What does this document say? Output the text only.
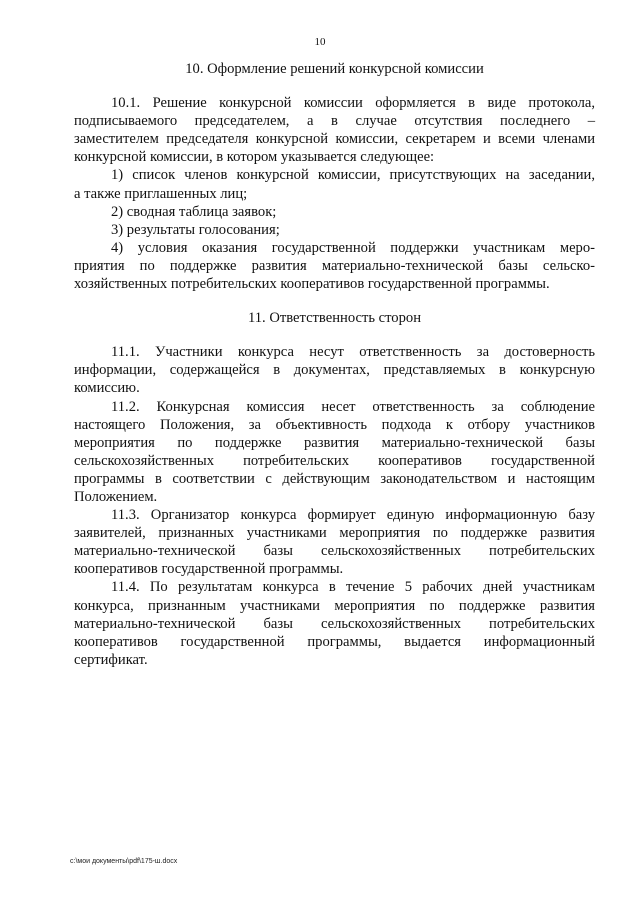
10

10. Оформление решений конкурсной комиссии

10.1. Решение конкурсной комиссии оформляется в виде протокола,
подписываемого председателем, а в случае отсутствия последнего –
заместителем председателя конкурсной комиссии, секретарем и всеми членами
конкурсной комиссии, в котором указывается следующее:
1) список членов конкурсной комиссии, присутствующих на заседании,
а также приглашенных лиц;
2) сводная таблица заявок;
3) результаты голосования;
4) условия оказания государственной поддержки участникам меро-
приятия по поддержке развития материально-технической базы сельско-
хозяйственных потребительских кооперативов государственной программы.

11. Ответственность сторон

11.1. Участники конкурса несут ответственность за достоверность
информации, содержащейся в документах, представляемых в конкурсную
комиссию.
11.2. Конкурсная комиссия несет ответственность за соблюдение
настоящего Положения, за объективность подхода к отбору участников
мероприятия по поддержке развития материально-технической базы
сельскохозяйственных потребительских кооперативов государственной
программы в соответствии с действующим законодательством и настоящим
Положением.
11.3. Организатор конкурса формирует единую информационную базу
заявителей, признанных участниками мероприятия по поддержке развития
материально-технической базы сельскохозяйственных потребительских
кооперативов государственной программы.
11.4. По результатам конкурса в течение 5 рабочих дней участникам
конкурса, признанным участниками мероприятия по поддержке развития
материально-технической базы сельскохозяйственных потребительских
кооперативов государственной программы, выдается информационный
сертификат.
c:\мои документы\pdf\175-ш.docx
